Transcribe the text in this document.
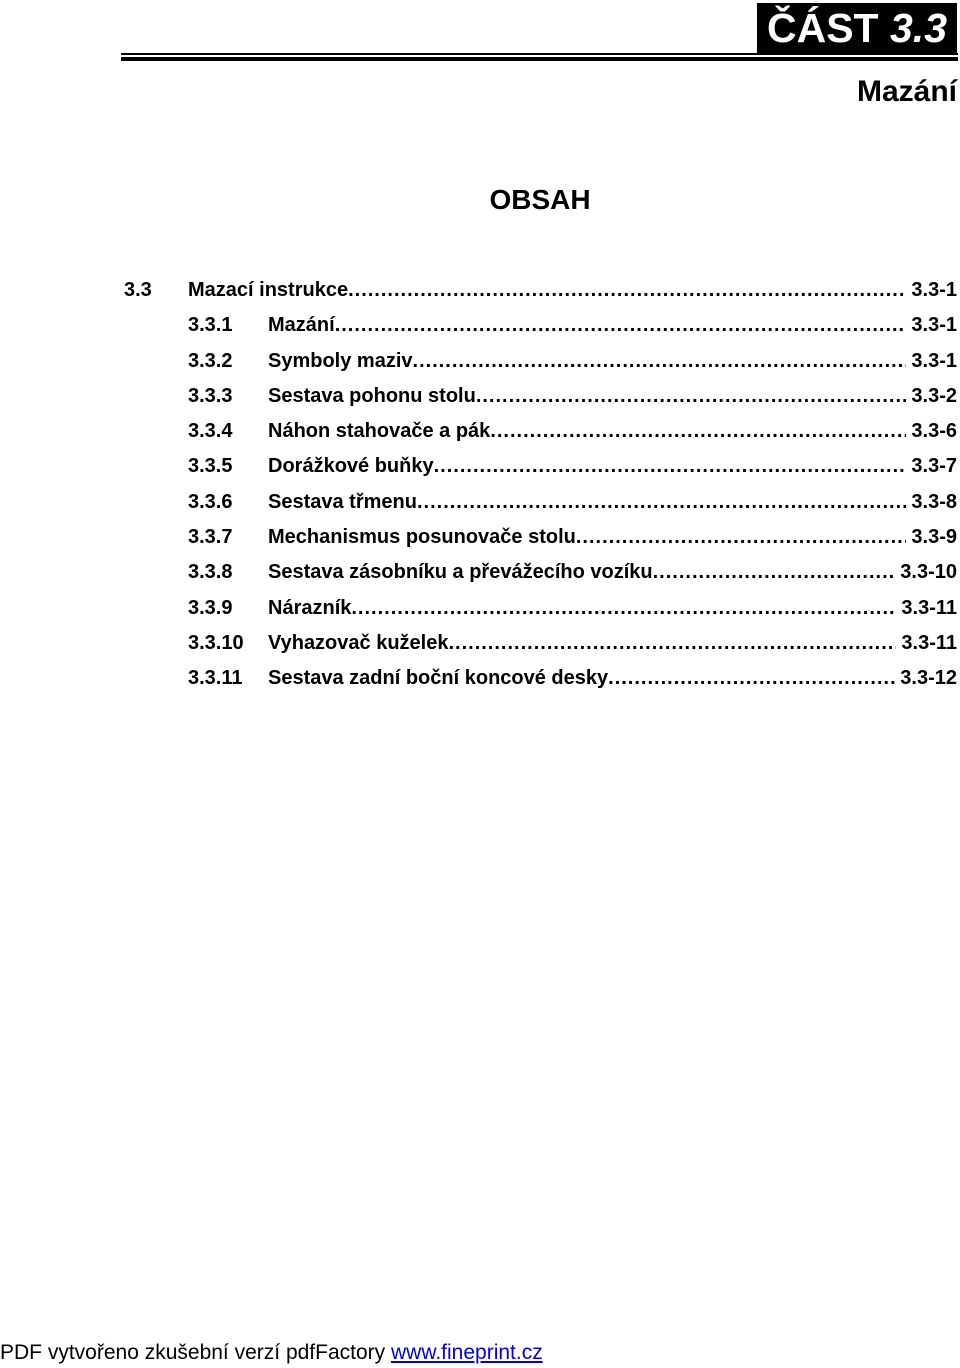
ČÁST 3.3
Mazání
OBSAH
3.3 Mazací instrukce .....	3.3-1
3.3.1 Mazání .....	3.3-1
3.3.2 Symboly maziv .....	3.3-1
3.3.3 Sestava pohonu stolu .....	3.3-2
3.3.4 Náhon stahovače a pák .....	3.3-6
3.3.5 Dorážkové buňky .....	3.3-7
3.3.6 Sestava třmenu .....	3.3-8
3.3.7 Mechanismus posunovače stolu .....	3.3-9
3.3.8 Sestava zásobníku a převážecího vozíku .....	3.3-10
3.3.9 Nárazník .....	3.3-11
3.3.10 Vyhazovač kuželek .....	3.3-11
3.3.11 Sestava zadní boční koncové desky .....	3.3-12
PDF vytvořeno zkušební verzí pdfFactory www.fineprint.cz
